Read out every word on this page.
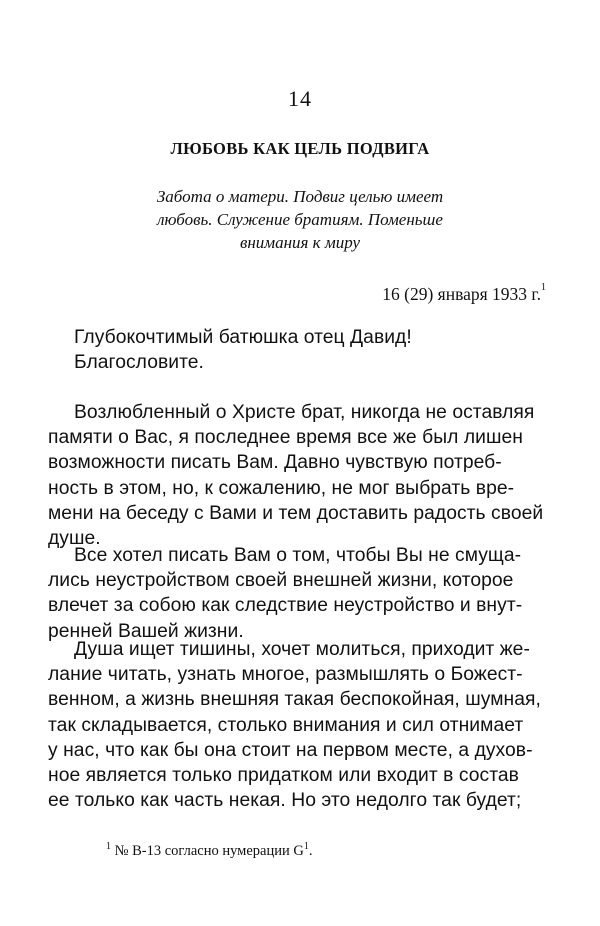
14
ЛЮБОВЬ КАК ЦЕЛЬ ПОДВИГА
Забота о матери. Подвиг целью имеет
любовь. Служение братиям. Поменьше
внимания к миру
16 (29) января 1933 г.$^1$
Глубокочтимый батюшка отец Давид!
Благословите.
Возлюбленный о Христе брат, никогда не оставляя
памяти о Вас, я последнее время все же был лишен
возможности писать Вам. Давно чувствую потреб-
ность в этом, но, к сожалению, не мог выбрать вре-
мени на беседу с Вами и тем доставить радость своей
душе.
Все хотел писать Вам о том, чтобы Вы не смуща-
лись неустройством своей внешней жизни, которое
влечет за собою как следствие неустройство и внут-
ренней Вашей жизни.
Душа ищет тишины, хочет молиться, приходит же-
лание читать, узнать многое, размышлять о Божест-
венном, а жизнь внешняя такая беспокойная, шумная,
так складывается, столько внимания и сил отнимает
у нас, что как бы она стоит на первом месте, а духов-
ное является только придатком или входит в состав
ее только как часть некая. Но это недолго так будет;
$^1$ № В-13 согласно нумерации $G^1$.
